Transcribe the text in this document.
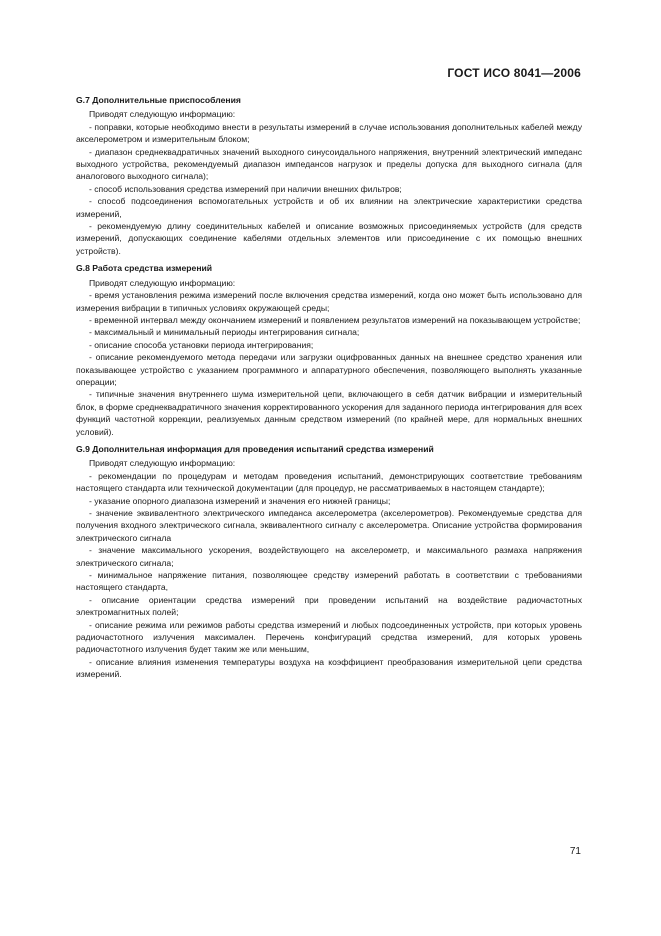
ГОСТ ИСО 8041—2006

G.7 Дополнительные приспособления

Приводят следующую информацию:

- поправки, которые необходимо внести в результаты измерений в случае использования дополнительных кабелей между акселерометром и измерительным блоком;

- диапазон среднеквадратичных значений выходного синусоидального напряжения, внутренний электрический импеданс выходного устройства, рекомендуемый диапазон импедансов нагрузок и пределы допуска для выходного сигнала (для аналогового выходного сигнала);

- способ использования средства измерений при наличии внешних фильтров;

- способ подсоединения вспомогательных устройств и об их влиянии на электрические характеристики средства измерений,

- рекомендуемую длину соединительных кабелей и описание возможных присоединяемых устройств (для средств измерений, допускающих соединение кабелями отдельных элементов или присоединение с их помощью внешних устройств).

G.8 Работа средства измерений

Приводят следующую информацию:

- время установления режима измерений после включения средства измерений, когда оно может быть использовано для измерения вибрации в типичных условиях окружающей среды;

- временной интервал между окончанием измерений и появлением результатов измерений на показывающем устройстве;

- максимальный и минимальный периоды интегрирования сигнала;

- описание способа установки периода интегрирования;

- описание рекомендуемого метода передачи или загрузки оцифрованных данных на внешнее средство хранения или показывающее устройство с указанием программного и аппаратурного обеспечения, позволяющего выполнять указанные операции;

- типичные значения внутреннего шума измерительной цепи, включающего в себя датчик вибрации и измерительный блок, в форме среднеквадратичного значения корректированного ускорения для заданного периода интегрирования для всех функций частотной коррекции, реализуемых данным средством измерений (по крайней мере, для нормальных внешних условий).

G.9 Дополнительная информация для проведения испытаний средства измерений

Приводят следующую информацию:

- рекомендации по процедурам и методам проведения испытаний, демонстрирующих соответствие требованиям настоящего стандарта или технической документации (для процедур, не рассматриваемых в настоящем стандарте);

- указание опорного диапазона измерений и значения его нижней границы;

- значение эквивалентного электрического импеданса акселерометра (акселерометров). Рекомендуемые средства для получения входного электрического сигнала, эквивалентного сигналу с акселерометра. Описание устройства формирования электрического сигнала

- значение максимального ускорения, воздействующего на акселерометр, и максимального размаха напряжения электрического сигнала;

- минимальное напряжение питания, позволяющее средству измерений работать в соответствии с требованиями настоящего стандарта,

- описание ориентации средства измерений при проведении испытаний на воздействие радиочастотных электромагнитных полей;

- описание режима или режимов работы средства измерений и любых подсоединенных устройств, при которых уровень радиочастотного излучения максимален. Перечень конфигураций средства измерений, для которых уровень радиочастотного излучения будет таким же или меньшим,

- описание влияния изменения температуры воздуха на коэффициент преобразования измерительной цепи средства измерений.

71
